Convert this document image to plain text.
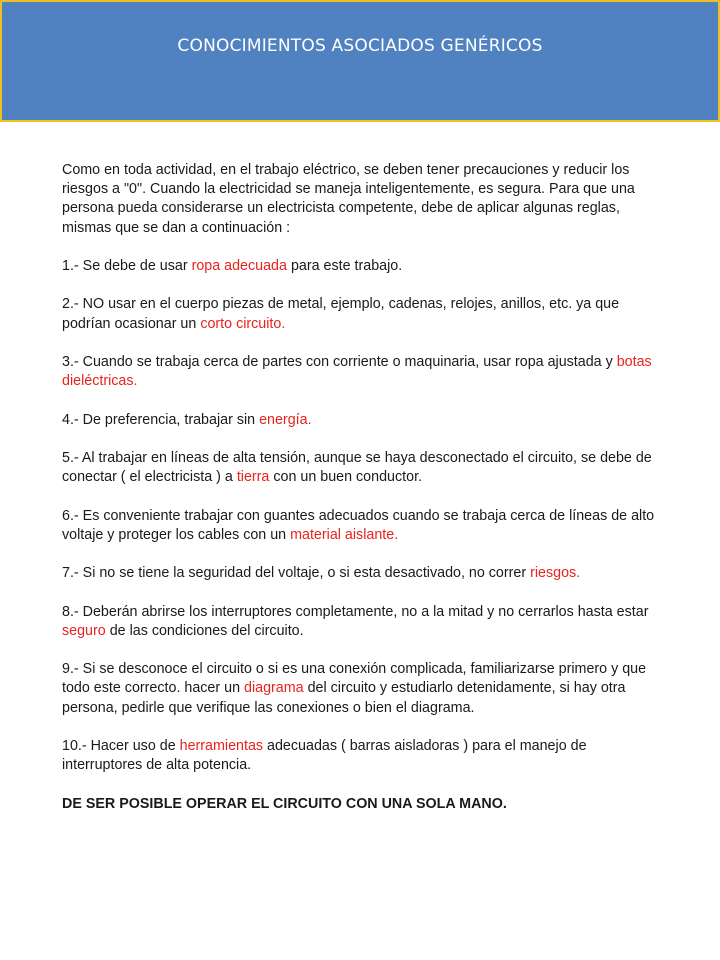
CONOCIMIENTOS ASOCIADOS GENÉRICOS

Como en toda actividad, en el trabajo eléctrico, se deben tener precauciones y reducir los riesgos a "0". Cuando la electricidad se maneja inteligentemente, es segura. Para que una persona pueda considerarse un electricista competente, debe de aplicar algunas reglas, mismas que se dan a continuación :

1.- Se debe de usar ropa adecuada para este trabajo.

2.- NO usar en el cuerpo piezas de metal, ejemplo, cadenas, relojes, anillos, etc. ya que podrían ocasionar un corto circuito.

3.- Cuando se trabaja cerca de partes con corriente o maquinaria, usar ropa ajustada y botas dieléctricas.

4.- De preferencia, trabajar sin energía.

5.- Al trabajar en líneas de alta tensión, aunque se haya desconectado el circuito, se debe de conectar ( el electricista ) a tierra con un buen conductor.

6.- Es conveniente trabajar con guantes adecuados cuando se trabaja cerca de líneas de alto voltaje y proteger los cables con un material aislante.

7.- Si no se tiene la seguridad del voltaje, o si esta desactivado, no correr riesgos.

8.- Deberán abrirse los interruptores completamente, no a la mitad y no cerrarlos hasta estar seguro de las condiciones del circuito.

9.- Si se desconoce el circuito o si es una conexión complicada, familiarizarse primero y que todo este correcto. hacer un diagrama del circuito y estudiarlo detenidamente, si hay otra persona, pedirle que verifique las conexiones o bien el diagrama.

10.- Hacer uso de herramientas adecuadas ( barras aisladoras ) para el manejo de interruptores de alta potencia.

DE SER POSIBLE OPERAR EL CIRCUITO CON UNA SOLA MANO.
